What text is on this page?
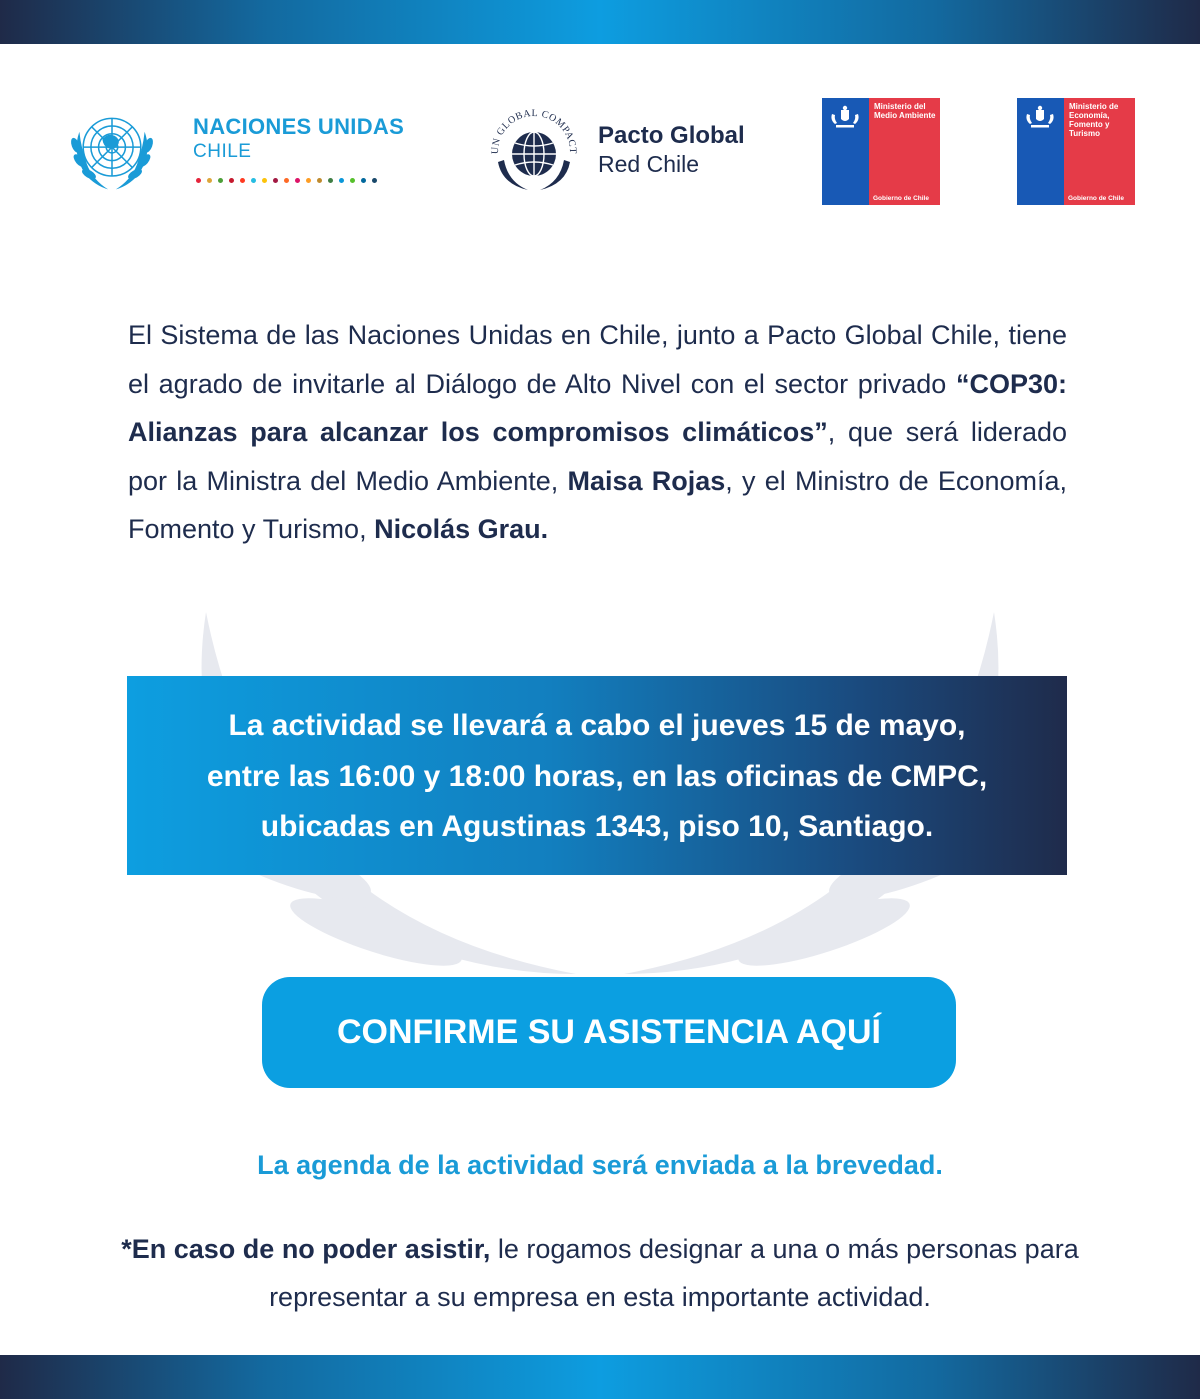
NACIONES UNIDAS
CHILE	UN GLOBAL COMPACT
Pacto Global
Red Chile
Ministerio del Medio Ambiente
Gobierno de Chile
Ministerio de Economía, Fomento y Turismo
Gobierno de Chile
El Sistema de las Naciones Unidas en Chile, junto a Pacto Global Chile, tiene el agrado de invitarle al Diálogo de Alto Nivel con el sector privado “COP30: Alianzas para alcanzar los compromisos climáticos”, que será liderado por la Ministra del Medio Ambiente, Maisa Rojas, y el Ministro de Economía, Fomento y Turismo, Nicolás Grau.
La actividad se llevará a cabo el jueves 15 de mayo,
entre las 16:00 y 18:00 horas, en las oficinas de CMPC,
ubicadas en Agustinas 1343, piso 10, Santiago.
CONFIRME SU ASISTENCIA AQUÍ
La agenda de la actividad será enviada a la brevedad.
*En caso de no poder asistir, le rogamos designar a una o más personas para representar a su empresa en esta importante actividad.
